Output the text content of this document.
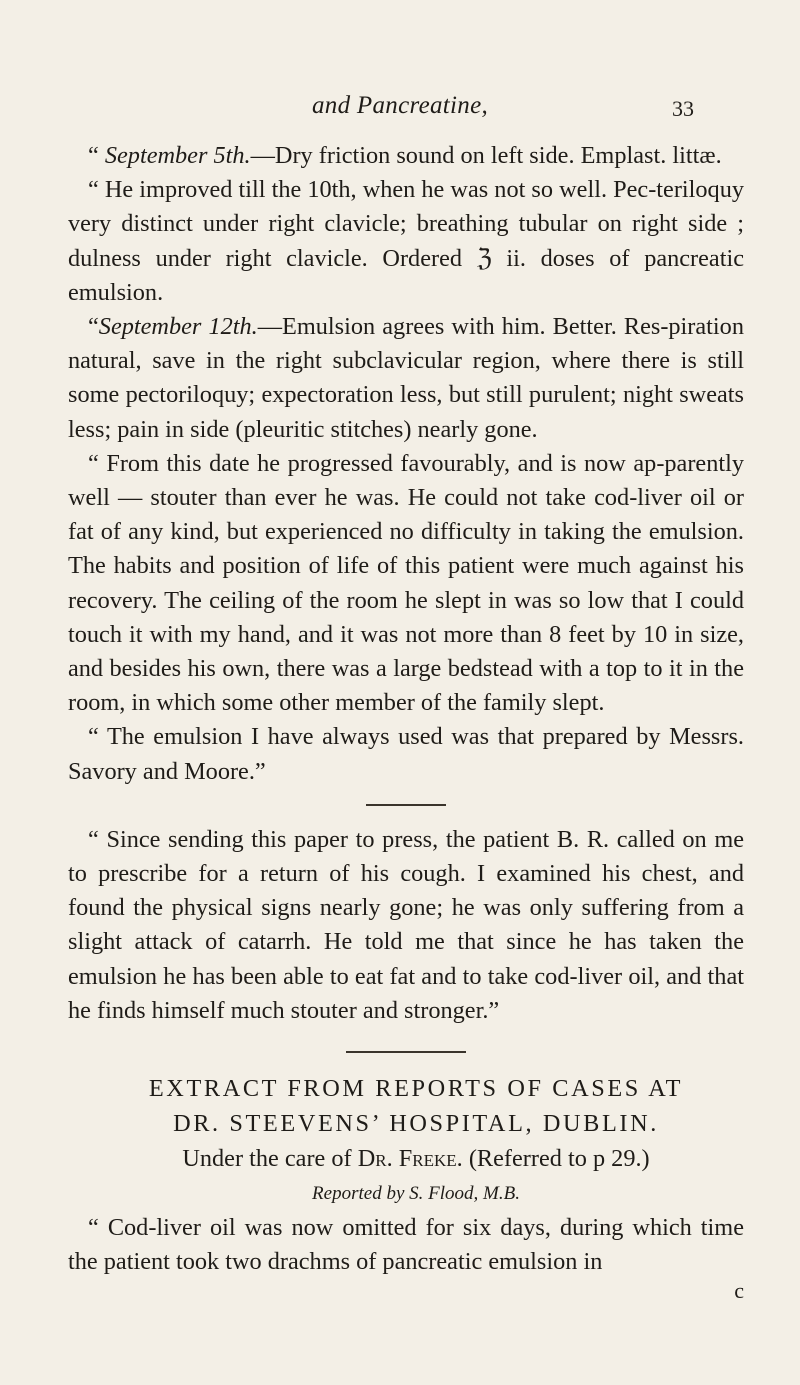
and Pancreatine,	33

“ September 5th.—Dry friction sound on left side. Emplast. littæ.

“ He improved till the 10th, when he was not so well. Pec-teriloquy very distinct under right clavicle; breathing tubular on right side ; dulness under right clavicle. Ordered ℨ ii. doses of pancreatic emulsion.

“September 12th.—Emulsion agrees with him. Better. Res-piration natural, save in the right subclavicular region, where there is still some pectoriloquy; expectoration less, but still purulent; night sweats less; pain in side (pleuritic stitches) nearly gone.

“ From this date he progressed favourably, and is now ap-parently well — stouter than ever he was. He could not take cod-liver oil or fat of any kind, but experienced no difficulty in taking the emulsion. The habits and position of life of this patient were much against his recovery. The ceiling of the room he slept in was so low that I could touch it with my hand, and it was not more than 8 feet by 10 in size, and besides his own, there was a large bedstead with a top to it in the room, in which some other member of the family slept.

“ The emulsion I have always used was that prepared by Messrs. Savory and Moore.”

“ Since sending this paper to press, the patient B. R. called on me to prescribe for a return of his cough. I examined his chest, and found the physical signs nearly gone; he was only suffering from a slight attack of catarrh. He told me that since he has taken the emulsion he has been able to eat fat and to take cod-liver oil, and that he finds himself much stouter and stronger.”

EXTRACT FROM REPORTS OF CASES AT

DR. STEEVENS’ HOSPITAL, DUBLIN.

Under the care of Dr. Freke. (Referred to p 29.)

Reported by S. Flood, M.B.

“ Cod-liver oil was now omitted for six days, during which time the patient took two drachms of pancreatic emulsion in

c
